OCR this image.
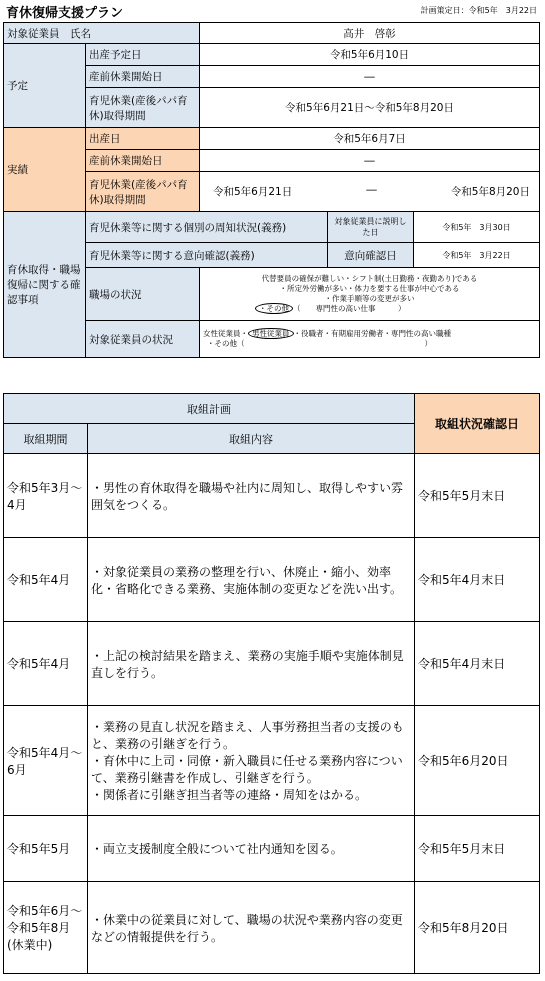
育休復帰支援プラン	計画策定日：令和5年　3月22日
対象従業員　氏名		高井　啓彰		
予定	出産予定日	令和5年6月10日		
	産前休業開始日	―		
	育児休業(産後パパ育休)取得期間	令和5年6月21日～令和5年8月20日		
実績	出産日	令和5年6月7日		
	産前休業開始日	―		
	育児休業(産後パパ育休)取得期間	令和5年6月21日 ― 令和5年8月20日		

育休取得・職場復帰に関する確認事項	育児休業等に関する個別の周知状況(義務)		対象従業員に説明した日	令和5年　3月30日
	育児休業等に関する意向確認(義務)		意向確認日	令和5年　3月22日
	職場の状況	代替要員の確保が難しい・シフト制(土日勤務・夜勤あり)である
・所定外労働が多い・体力を要する仕事が中心である
・作業手順等の変更が多い
・その他 （　　専門性の高い仕事　　　）		

	対象従業員の状況	女性従業員・ 男性従業員 ・役職者・有期雇用労働者・専門性の高い職種
・その他（　　　　　　　　　　　　　　　　　　　　　　　　）		
取組計画		取組状況確認日
取組期間	取組内容	
令和5年3月～4月	・男性の育休取得を職場や社内に周知し、取得しやすい雰囲気をつくる。	令和5年5月末日
令和5年4月	・対象従業員の業務の整理を行い、休廃止・縮小、効率化・省略化できる業務、実施体制の変更などを洗い出す。	令和5年4月末日
令和5年4月	・上記の検討結果を踏まえ、業務の実施手順や実施体制見直しを行う。	令和5年4月末日
令和5年4月～6月	・業務の見直し状況を踏まえ、人事労務担当者の支援のもと、業務の引継ぎを行う。
・育休中に上司・同僚・新入職員に任せる業務内容について、業務引継書を作成し、引継ぎを行う。
・関係者に引継ぎ担当者等の連絡・周知をはかる。	令和5年6月20日
令和5年5月	・両立支援制度全般について社内通知を図る。	令和5年5月末日
令和5年6月～令和5年8月(休業中)	・休業中の従業員に対して、職場の状況や業務内容の変更などの情報提供を行う。	令和5年8月20日
